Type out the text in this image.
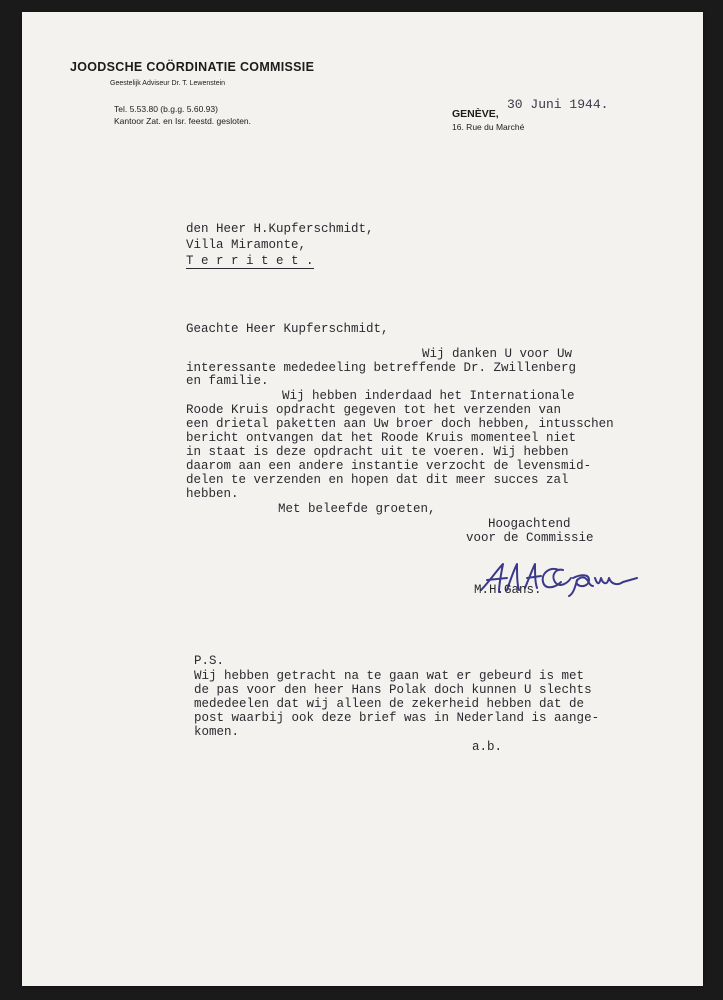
JOODSCHE COÖRDINATIE COMMISSIE
Geestelijk Adviseur Dr. T. Lewenstein
Tel. 5.53.80 (b.g.g. 5.60.93)
Kantoor Zat. en Isr. feestd. gesloten.
GENÈVE,
16. Rue du Marché
30 Juni 1944.
den Heer H.Kupferschmidt,
Villa Miramonte,
T e r r i t e t .
Geachte Heer Kupferschmidt,
Wij danken U voor Uw
interessante mededeeling betreffende Dr. Zwillenberg
en familie.
Wij hebben inderdaad het Internationale
Roode Kruis opdracht gegeven tot het verzenden van
een drietal paketten aan Uw broer doch hebben, intusschen
bericht ontvangen dat het Roode Kruis momenteel niet
in staat is deze opdracht uit te voeren. Wij hebben
daarom aan een andere instantie verzocht de levensmid-
delen te verzenden en hopen dat dit meer succes zal
hebben.
Met beleefde groeten,
Hoogachtend
voor de Commissie
M.H.Gans.
P.S.
Wij hebben getracht na te gaan wat er gebeurd is met
de pas voor den heer Hans Polak doch kunnen U slechts
mededeelen dat wij alleen de zekerheid hebben dat de
post waarbij ook deze brief was in Nederland is aange-
komen.
a.b.
